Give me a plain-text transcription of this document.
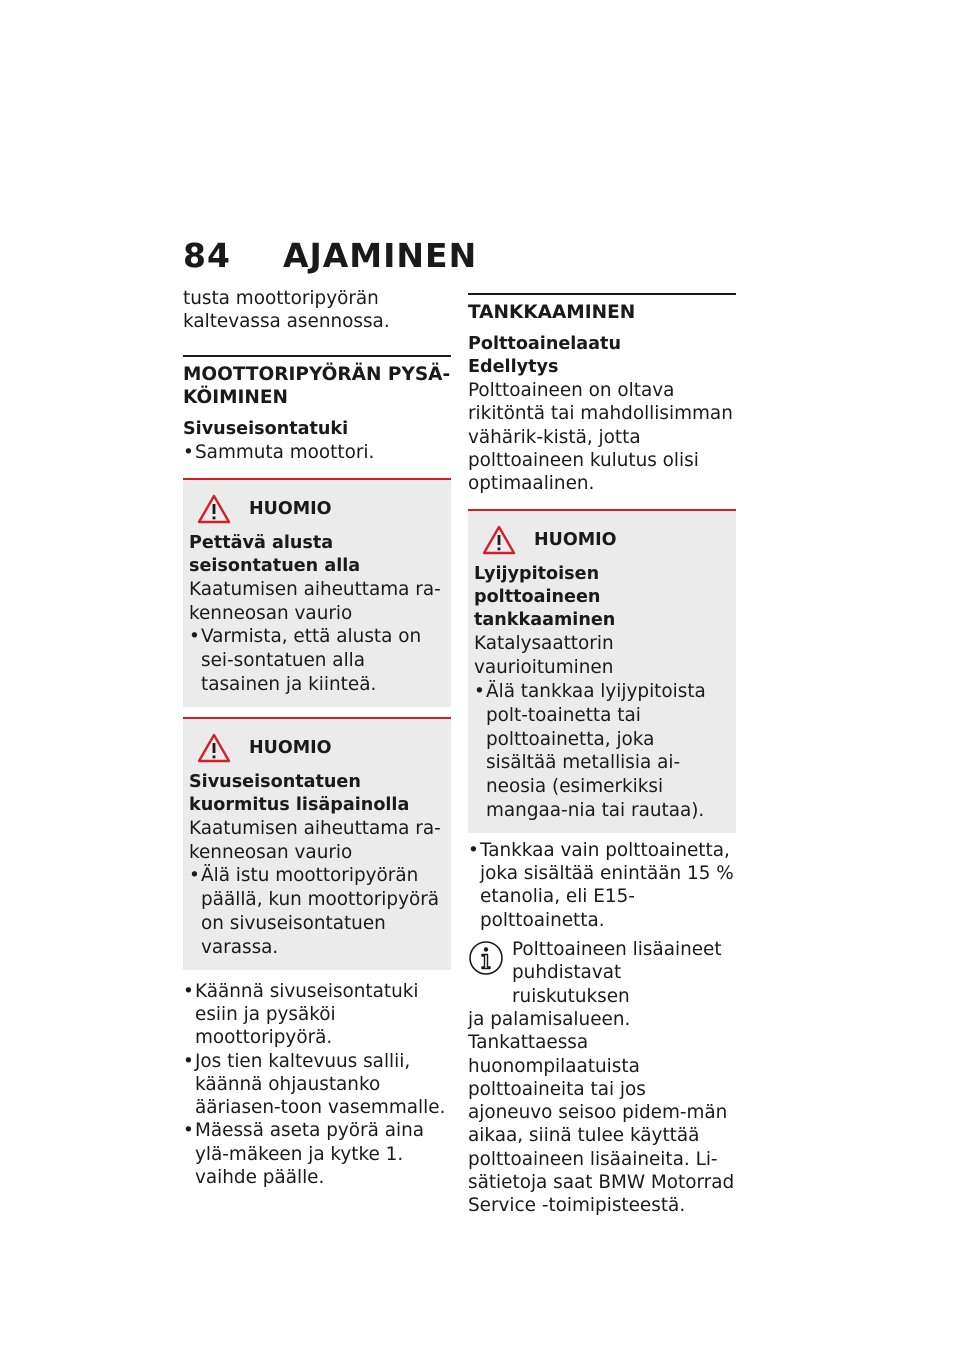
84 AJAMINEN

tusta moottoripyörän kaltevassa asennossa.

MOOTTORIPYÖRÄN PYSÄ-KÖIMINEN
Sivuseisontatuki
• Sammuta moottori.
HUOMIO
Pettävä alusta seisontatuen alla

Kaatumisen aiheuttama ra-kenneosan vaurio

• Varmista, että alusta on sei-sontatuen alla tasainen ja kiinteä.
HUOMIO
Sivuseisontatuen kuormitus lisäpainolla

Kaatumisen aiheuttama ra-kenneosan vaurio

• Älä istu moottoripyörän päällä, kun moottoripyörä on sivuseisontatuen varassa.
• Käännä sivuseisontatuki esiin ja pysäköi moottoripyörä.
• Jos tien kaltevuus sallii, käännä ohjaustanko ääriasen-toon vasemmalle.
• Mäessä aseta pyörä aina ylä-mäkeen ja kytke 1. vaihde päälle.
TANKKAAMINEN
Polttoainelaatu
Edellytys

Polttoaineen on oltava rikitöntä tai mahdollisimman vähärik-kistä, jotta polttoaineen kulutus olisi optimaalinen.

HUOMIO
Lyijypitoisen polttoaineen tankkaaminen

Katalysaattorin vaurioituminen

• Älä tankkaa lyijypitoista polt-toainetta tai polttoainetta, joka sisältää metallisia ai-neosia (esimerkiksi mangaa-nia tai rautaa).
• Tankkaa vain polttoainetta, joka sisältää enintään 15 % etanolia, eli E15-polttoainetta.

Polttoaineen lisäaineet puhdistavat ruiskutuksen

ja palamisalueen. Tankattaessa huonompilaatuista polttoaineita tai jos ajoneuvo seisoo pidem-män aikaa, siinä tulee käyttää polttoaineen lisäaineita. Li-sätietoja saat BMW Motorrad Service -toimipisteestä.
